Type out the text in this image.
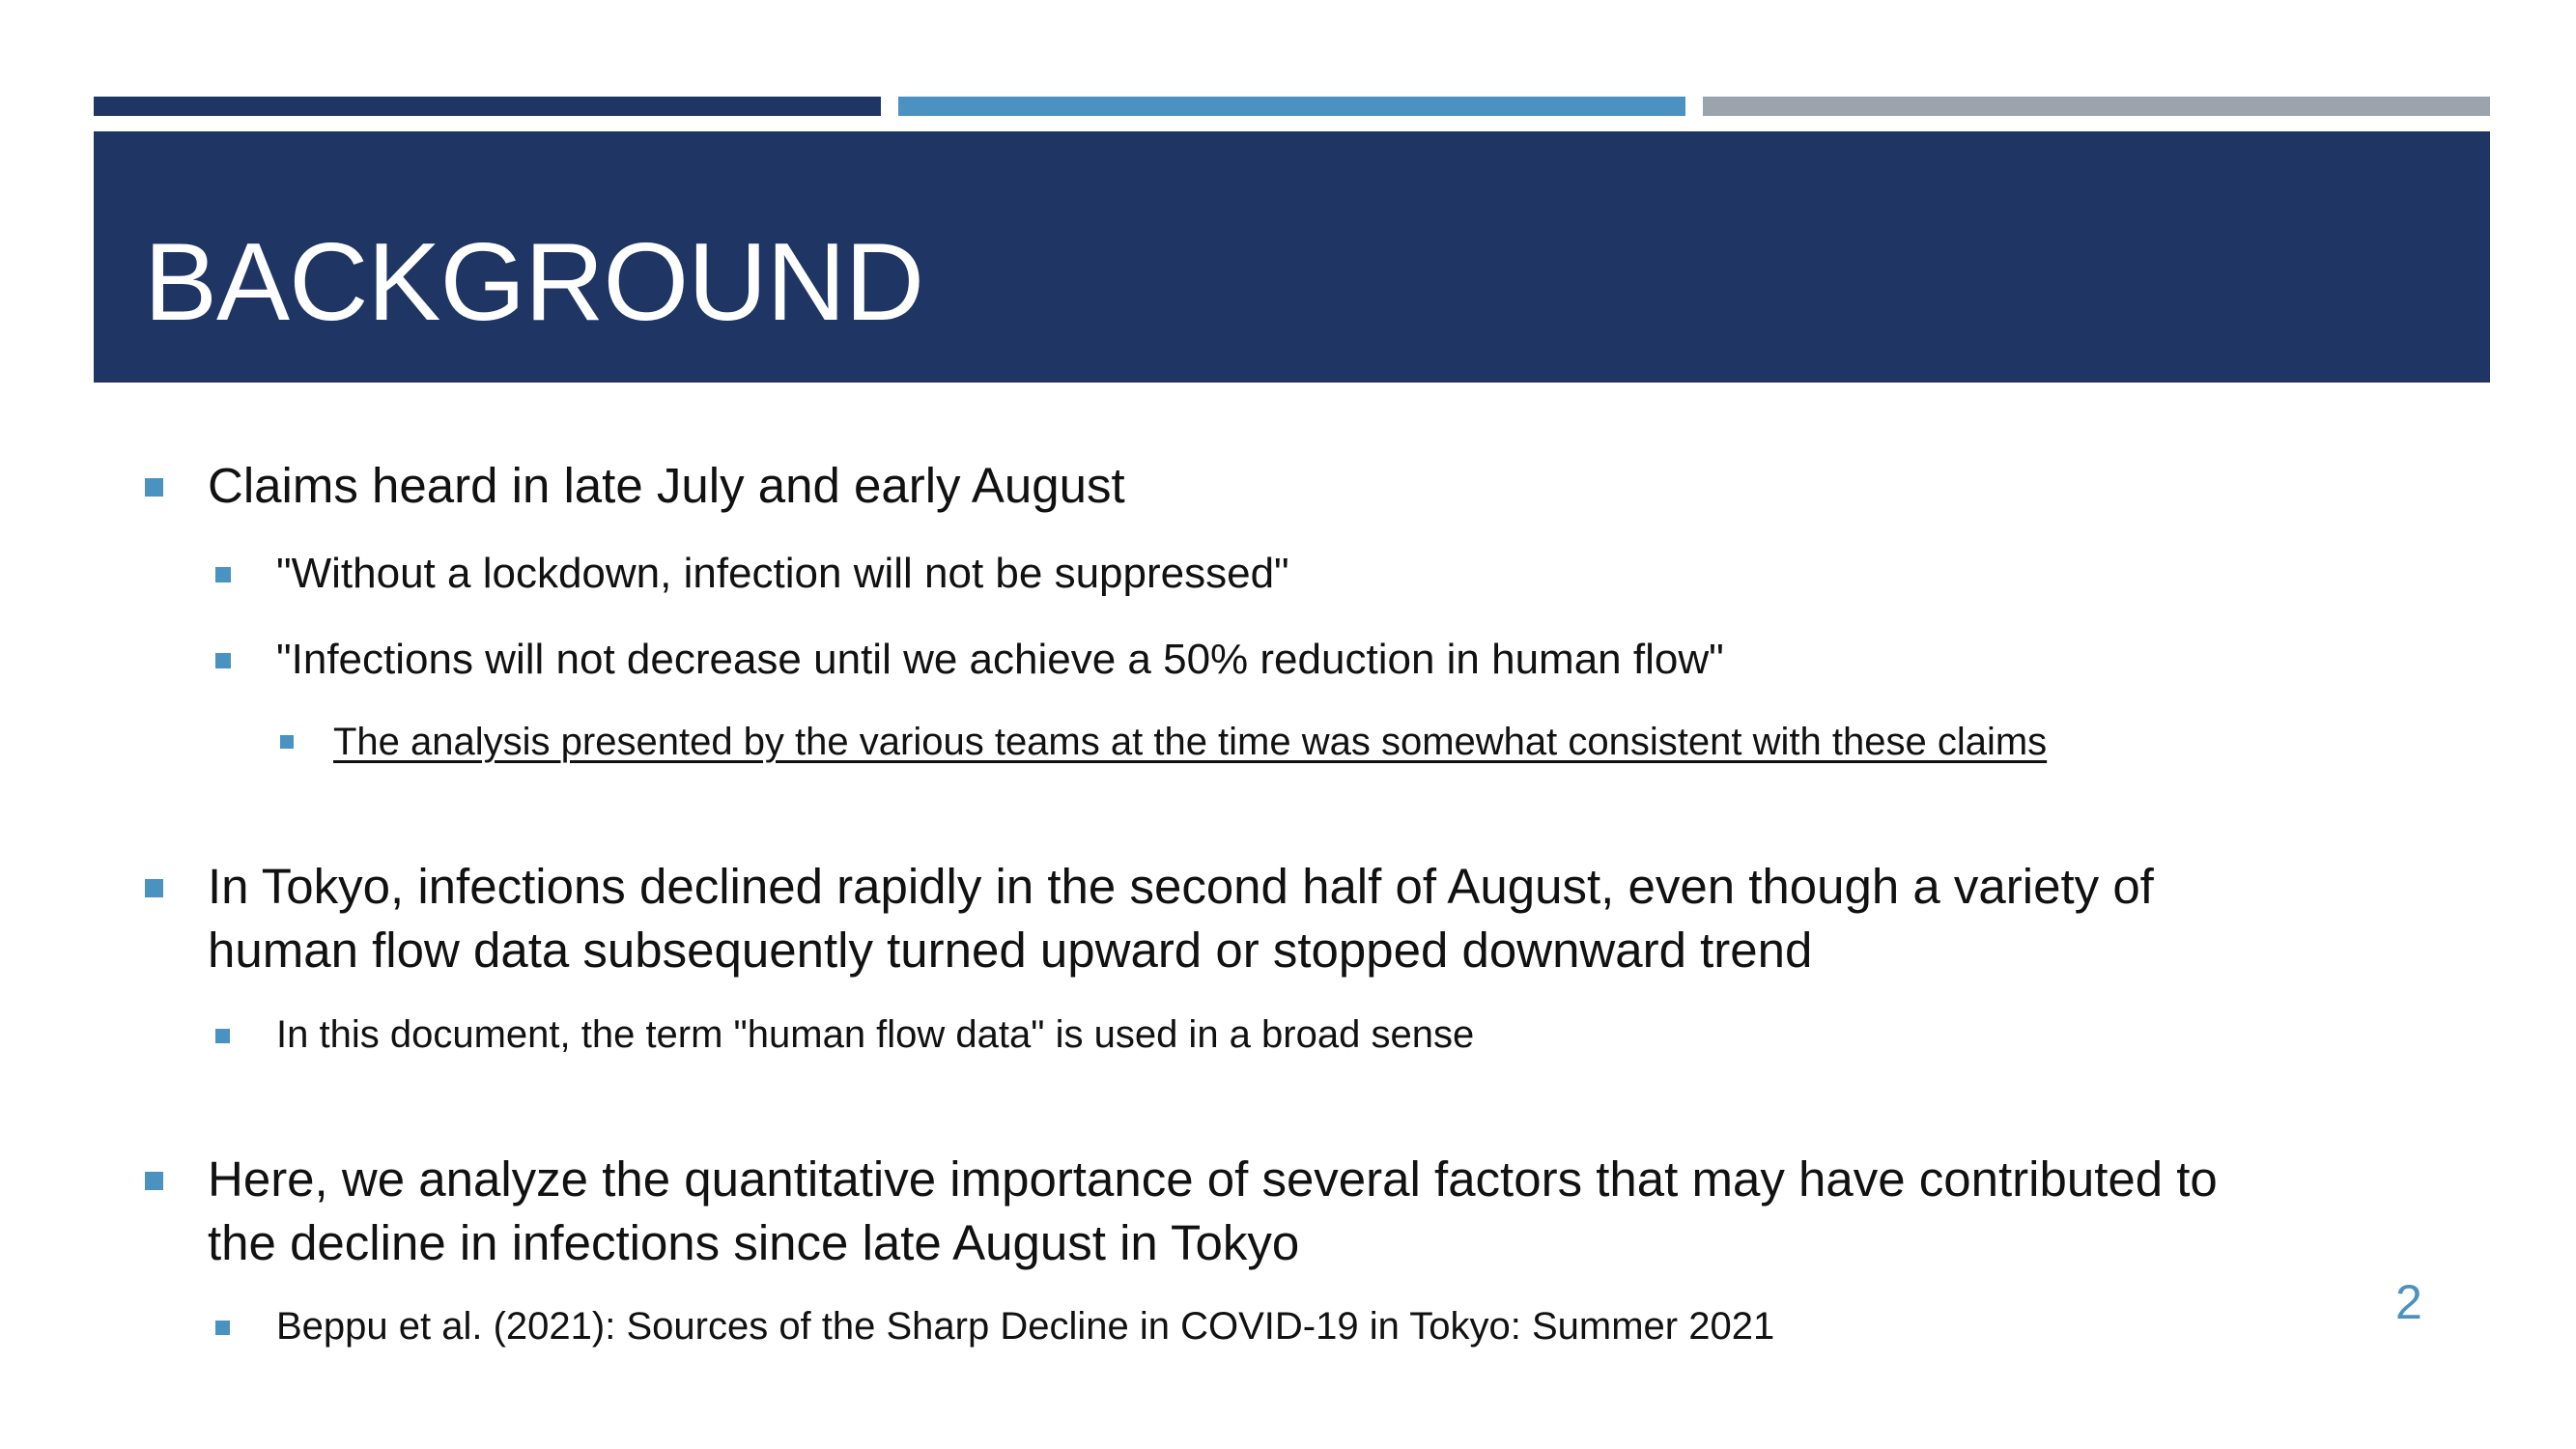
BACKGROUND
Claims heard in late July and early August
"Without a lockdown, infection will not be suppressed"
"Infections will not decrease until we achieve a 50% reduction in human flow"
The analysis presented by the various teams at the time was somewhat consistent with these claims
In Tokyo, infections declined rapidly in the second half of August, even though a variety of
human flow data subsequently turned upward or stopped downward trend
In this document, the term "human flow data" is used in a broad sense
Here, we analyze the quantitative importance of several factors that may have contributed to
the decline in infections since late August in Tokyo
Beppu et al. (2021): Sources of the Sharp Decline in COVID-19 in Tokyo: Summer 2021	2
